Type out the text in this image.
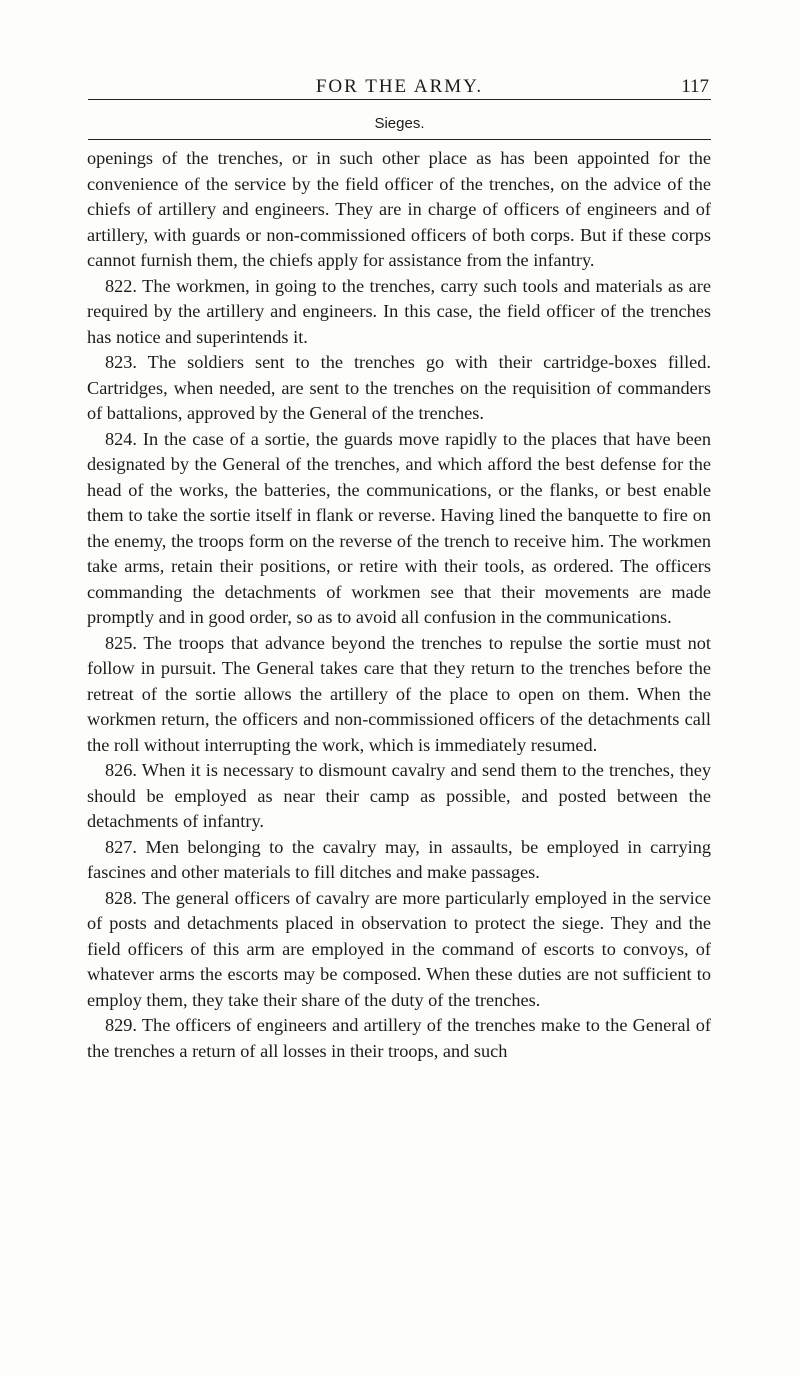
FOR THE ARMY.	117
Sieges.

openings of the trenches, or in such other place as has been appointed for the convenience of the service by the field officer of the trenches, on the advice of the chiefs of artillery and engineers. They are in charge of officers of engineers and of artillery, with guards or non-commissioned officers of both corps. But if these corps cannot furnish them, the chiefs apply for assistance from the infantry.

822. The workmen, in going to the trenches, carry such tools and materials as are required by the artillery and engineers. In this case, the field officer of the trenches has notice and superintends it.

823. The soldiers sent to the trenches go with their cartridge-boxes filled. Cartridges, when needed, are sent to the trenches on the requisition of commanders of battalions, approved by the General of the trenches.

824. In the case of a sortie, the guards move rapidly to the places that have been designated by the General of the trenches, and which afford the best defense for the head of the works, the batteries, the communications, or the flanks, or best enable them to take the sortie itself in flank or reverse. Having lined the banquette to fire on the enemy, the troops form on the reverse of the trench to receive him. The workmen take arms, retain their positions, or retire with their tools, as ordered. The officers commanding the detachments of workmen see that their movements are made promptly and in good order, so as to avoid all confusion in the communications.

825. The troops that advance beyond the trenches to repulse the sortie must not follow in pursuit. The General takes care that they return to the trenches before the retreat of the sortie allows the artillery of the place to open on them. When the workmen return, the officers and non-commissioned officers of the detachments call the roll without interrupting the work, which is immediately resumed.

826. When it is necessary to dismount cavalry and send them to the trenches, they should be employed as near their camp as possible, and posted between the detachments of infantry.

827. Men belonging to the cavalry may, in assaults, be employed in carrying fascines and other materials to fill ditches and make passages.

828. The general officers of cavalry are more particularly employed in the service of posts and detachments placed in observation to protect the siege. They and the field officers of this arm are employed in the command of escorts to convoys, of whatever arms the escorts may be composed. When these duties are not sufficient to employ them, they take their share of the duty of the trenches.

829. The officers of engineers and artillery of the trenches make to the General of the trenches a return of all losses in their troops, and such
